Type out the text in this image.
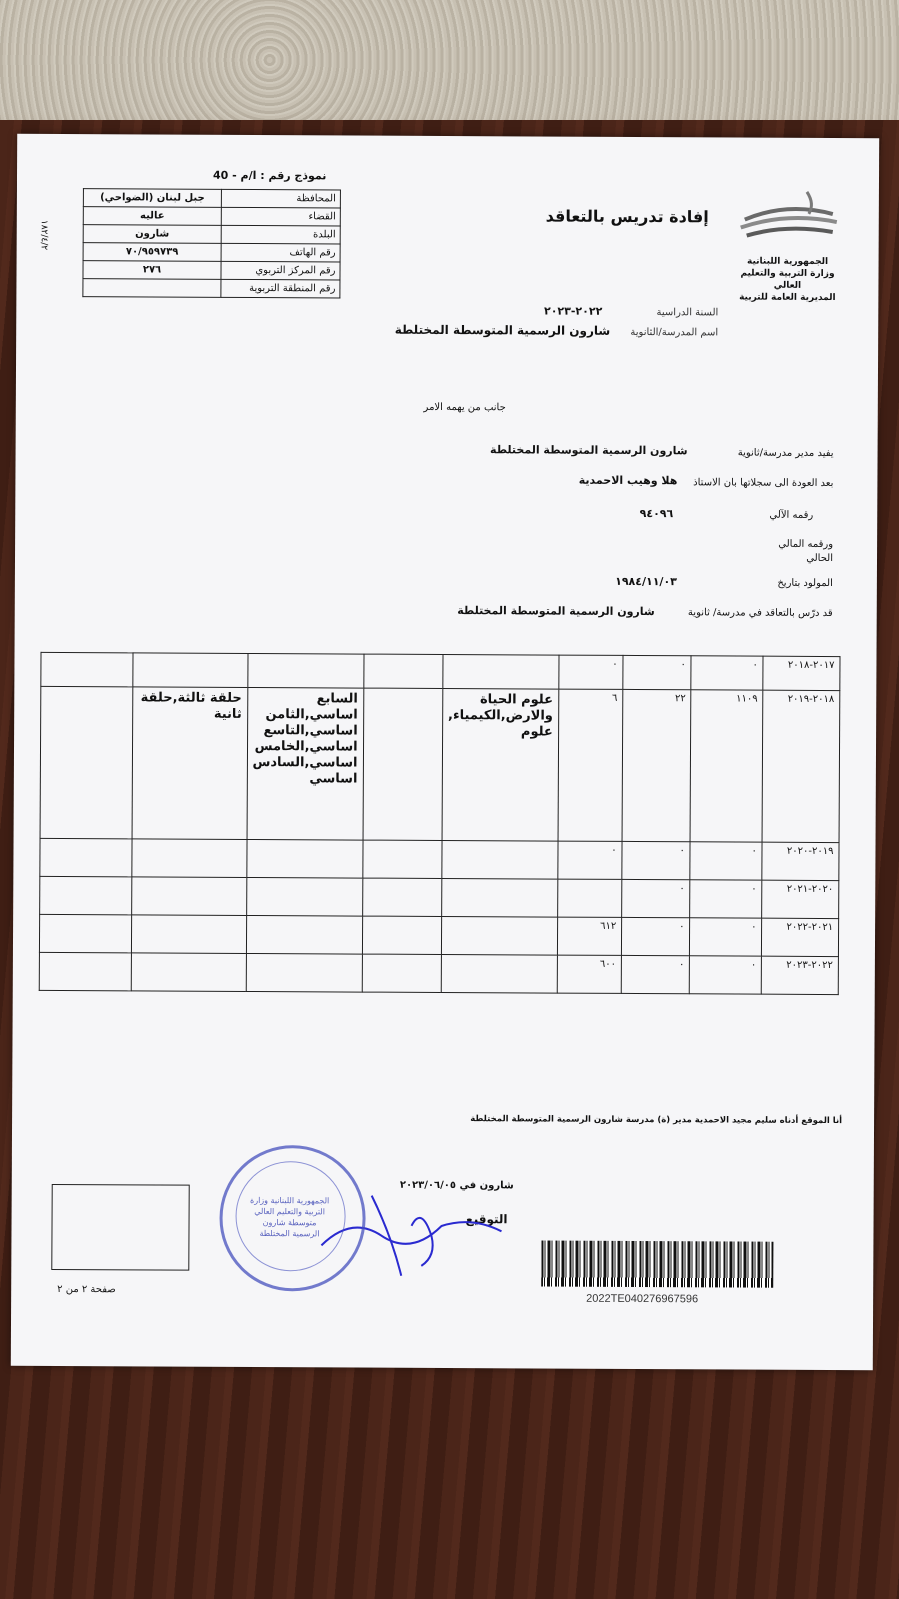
نموذج رقم : ا/م - 40
١٨٢/٤/٢
المحافظة	جبل لبنان (الضواحي)
القضاء	عاليه
البلدة	شارون
رقم الهاتف	٧٠/٩٥٩٧٣٩
رقم المركز التربوي	٢٧٦
رقم المنطقة التربوية	
الجمهورية اللبنانية
وزارة التربية والتعليم العالي
المديرية العامة للتربية
إفادة تدريس بالتعاقد
السنة الدراسية
٢٠٢٢-٢٠٢٣
اسم المدرسة/الثانوية
شارون الرسمية المتوسطة المختلطة
جانب من يهمه الامر
يفيد مدير مدرسة/ثانوية
شارون الرسمية المتوسطة المختلطة
بعد العودة الى سجلاتها بان الاستاذ
هلا وهيب الاحمدية
رقمه الآلي
٩٤٠٩٦
ورقمه المالي الحالي
المولود بتاريخ
١٩٨٤/١١/٠٣
قد درّس بالتعاقد في مدرسة/ ثانوية
شارون الرسمية المتوسطة المختلطة
٢٠١٧-٢٠١٨	٠	٠	٠					
٢٠١٨-٢٠١٩	١١٠٩	٢٢	٦	علوم الحياة والارض,الكيمياء, علوم		السابع اساسي,الثامن اساسي,التاسع اساسي,الخامس اساسي,السادس اساسي	حلقة ثالثة,حلقة ثانية	
٢٠١٩-٢٠٢٠	٠	٠	٠					
٢٠٢٠-٢٠٢١	٠	٠						
٢٠٢١-٢٠٢٢	٠	٠	٦١٢					
٢٠٢٢-٢٠٢٣	٠	٠	٦٠٠					
أنا الموقع أدناه سليم مجيد الاحمدية مدير (ة) مدرسة شارون الرسمية المتوسطة المختلطة
شارون في ٢٠٢٣/٠٦/٠٥
التوقيع
الجمهورية اللبنانية وزارة التربية والتعليم العالي متوسطة شارون الرسمية المختلطة
صفحة ٢ من ٢
2022TE040276967596
